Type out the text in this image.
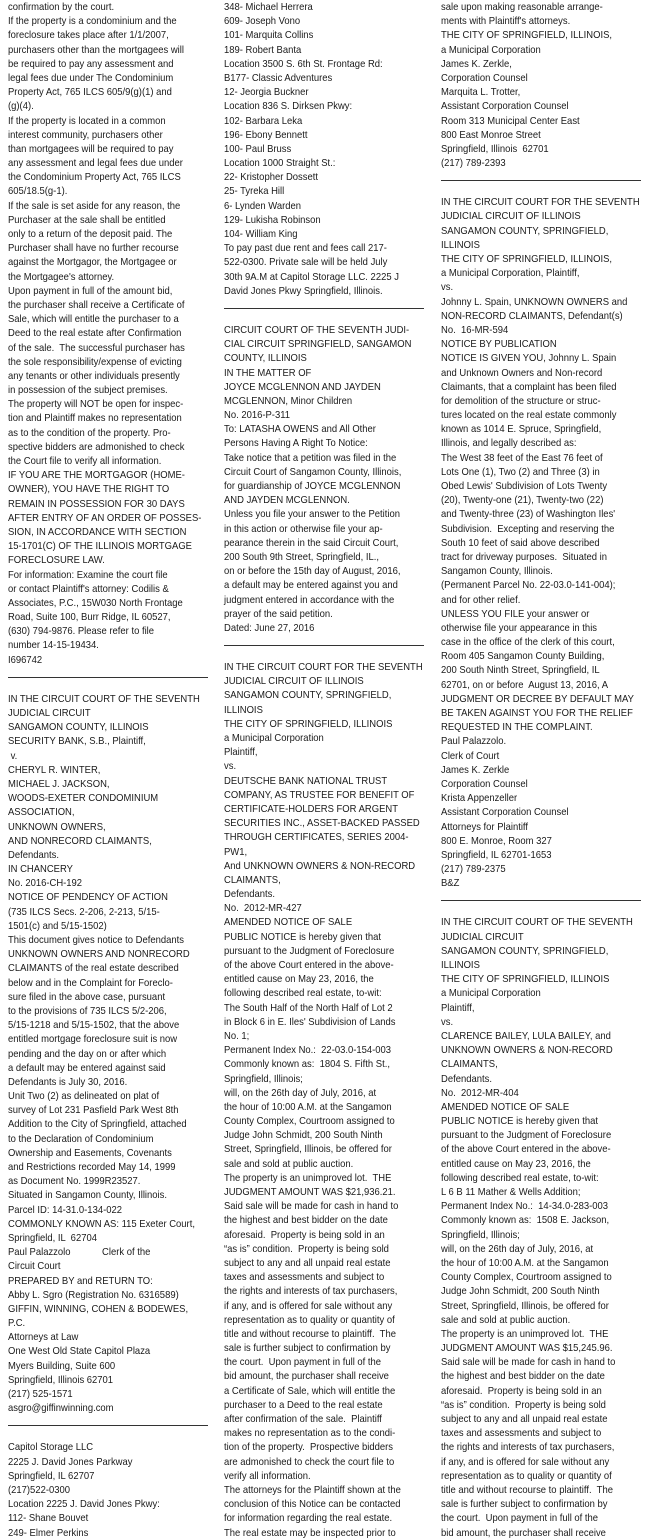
confirmation by the court.
If the property is a condominium and the
foreclosure takes place after 1/1/2007,
purchasers other than the mortgagees will
be required to pay any assessment and
legal fees due under The Condominium
Property Act, 765 ILCS 605/9(g)(1) and
(g)(4).
If the property is located in a common
interest community, purchasers other
than mortgagees will be required to pay
any assessment and legal fees due under
the Condominium Property Act, 765 ILCS
605/18.5(g-1).
If the sale is set aside for any reason, the
Purchaser at the sale shall be entitled
only to a return of the deposit paid. The
Purchaser shall have no further recourse
against the Mortgagor, the Mortgagee or
the Mortgagee's attorney.
Upon payment in full of the amount bid,
the purchaser shall receive a Certificate of
Sale, which will entitle the purchaser to a
Deed to the real estate after Confirmation
of the sale.  The successful purchaser has
the sole responsibility/expense of evicting
any tenants or other individuals presently
in possession of the subject premises.
The property will NOT be open for inspec-
tion and Plaintiff makes no representation
as to the condition of the property. Pro-
spective bidders are admonished to check
the Court file to verify all information.
IF YOU ARE THE MORTGAGOR (HOME-
OWNER), YOU HAVE THE RIGHT TO
REMAIN IN POSSESSION FOR 30 DAYS
AFTER ENTRY OF AN ORDER OF POSSES-
SION, IN ACCORDANCE WITH SECTION
15-1701(C) OF THE ILLINOIS MORTGAGE
FORECLOSURE LAW.
For information: Examine the court file
or contact Plaintiff's attorney: Codilis &
Associates, P.C., 15W030 North Frontage
Road, Suite 100, Burr Ridge, IL 60527,
(630) 794-9876. Please refer to file
number 14-15-19434.
I696742
IN THE CIRCUIT COURT OF THE SEVENTH
JUDICIAL CIRCUIT
SANGAMON COUNTY, ILLINOIS
SECURITY BANK, S.B., Plaintiff,
v.
CHERYL R. WINTER,
MICHAEL J. JACKSON,
WOODS-EXETER CONDOMINIUM
ASSOCIATION,
UNKNOWN OWNERS,
AND NONRECORD CLAIMANTS,
Defendants.
IN CHANCERY
No. 2016-CH-192
NOTICE OF PENDENCY OF ACTION
(735 ILCS Secs. 2-206, 2-213, 5/15-
1501(c) and 5/15-1502)
This document gives notice to Defendants
UNKNOWN OWNERS AND NONRECORD
CLAIMANTS of the real estate described
below and in the Complaint for Foreclo-
sure filed in the above case, pursuant
to the provisions of 735 ILCS 5/2-206,
5/15-1218 and 5/15-1502, that the above
entitled mortgage foreclosure suit is now
pending and the day on or after which
a default may be entered against said
Defendants is July 30, 2016.
Unit Two (2) as delineated on plat of
survey of Lot 231 Pasfield Park West 8th
Addition to the City of Springfield, attached
to the Declaration of Condominium
Ownership and Easements, Covenants
and Restrictions recorded May 14, 1999
as Document No. 1999R23527.
Situated in Sangamon County, Illinois.
Parcel ID: 14-31.0-134-022
COMMONLY KNOWN AS: 115 Exeter Court,
Springfield, IL  62704
Paul Palazzolo            Clerk of the
Circuit Court
PREPARED BY and RETURN TO:
Abby L. Sgro (Registration No. 6316589)
GIFFIN, WINNING, COHEN & BODEWES,
P.C.
Attorneys at Law
One West Old State Capitol Plaza
Myers Building, Suite 600
Springfield, Illinois 62701
(217) 525-1571
asgro@giffinwinning.com
Capitol Storage LLC
2225 J. David Jones Parkway
Springfield, IL 62707
(217)522-0300
Location 2225 J. David Jones Pkwy:
112- Shane Bouvet
249- Elmer Perkins
348- Michael Herrera
609- Joseph Vono
101- Marquita Collins
189- Robert Banta
Location 3500 S. 6th St. Frontage Rd:
B177- Classic Adventures
12- Jeorgia Buckner
Location 836 S. Dirksen Pkwy:
102- Barbara Leka
196- Ebony Bennett
100- Paul Bruss
Location 1000 Straight St.:
22- Kristopher Dossett
25- Tyreka Hill
6- Lynden Warden
129- Lukisha Robinson
104- William King
To pay past due rent and fees call 217-
522-0300. Private sale will be held July
30th 9A.M at Capitol Storage LLC. 2225 J
David Jones Pkwy Springfield, Illinois.
CIRCUIT COURT OF THE SEVENTH JUDI-
CIAL CIRCUIT SPRINGFIELD, SANGAMON
COUNTY, ILLINOIS
IN THE MATTER OF
JOYCE MCGLENNON AND JAYDEN
MCGLENNON, Minor Children
No. 2016-P-311
To: LATASHA OWENS and All Other
Persons Having A Right To Notice:
Take notice that a petition was filed in the
Circuit Court of Sangamon County, Illinois,
for guardianship of JOYCE MCGLENNON
AND JAYDEN MCGLENNON.
Unless you file your answer to the Petition
in this action or otherwise file your ap-
pearance therein in the said Circuit Court,
200 South 9th Street, Springfield, IL.,
on or before the 15th day of August, 2016,
a default may be entered against you and
judgment entered in accordance with the
prayer of the said petition.
Dated: June 27, 2016
IN THE CIRCUIT COURT FOR THE SEVENTH
JUDICIAL CIRCUIT OF ILLINOIS
SANGAMON COUNTY, SPRINGFIELD,
ILLINOIS
THE CITY OF SPRINGFIELD, ILLINOIS
a Municipal Corporation
Plaintiff,
vs.
DEUTSCHE BANK NATIONAL TRUST
COMPANY, AS TRUSTEE FOR BENEFIT OF
CERTIFICATE-HOLDERS FOR ARGENT
SECURITIES INC., ASSET-BACKED PASSED
THROUGH CERTIFICATES, SERIES 2004-
PW1,
And UNKNOWN OWNERS & NON-RECORD
CLAIMANTS,
Defendants.
No.  2012-MR-427
AMENDED NOTICE OF SALE
PUBLIC NOTICE is hereby given that
pursuant to the Judgment of Foreclosure
of the above Court entered in the above-
entitled cause on May 23, 2016, the
following described real estate, to-wit:
The South Half of the North Half of Lot 2
in Block 6 in E. Iles' Subdivision of Lands
No. 1;
Permanent Index No.:  22-03.0-154-003
Commonly known as:  1804 S. Fifth St.,
Springfield, Illinois;
will, on the 26th day of July, 2016, at
the hour of 10:00 A.M. at the Sangamon
County Complex, Courtroom assigned to
Judge John Schmidt, 200 South Ninth
Street, Springfield, Illinois, be offered for
sale and sold at public auction.
The property is an unimproved lot.  THE
JUDGMENT AMOUNT WAS $21,936.21.
Said sale will be made for cash in hand to
the highest and best bidder on the date
aforesaid.  Property is being sold in an
“as is” condition.  Property is being sold
subject to any and all unpaid real estate
taxes and assessments and subject to
the rights and interests of tax purchasers,
if any, and is offered for sale without any
representation as to quality or quantity of
title and without recourse to plaintiff.  The
sale is further subject to confirmation by
the court.  Upon payment in full of the
bid amount, the purchaser shall receive
a Certificate of Sale, which will entitle the
purchaser to a Deed to the real estate
after confirmation of the sale.  Plaintiff
makes no representation as to the condi-
tion of the property.  Prospective bidders
are admonished to check the court file to
verify all information.
The attorneys for the Plaintiff shown at the
conclusion of this Notice can be contacted
for information regarding the real estate.
The real estate may be inspected prior to
sale upon making reasonable arrange-
ments with Plaintiff's attorneys.
THE CITY OF SPRINGFIELD, ILLINOIS,
a Municipal Corporation
James K. Zerkle,
Corporation Counsel
Marquita L. Trotter,
Assistant Corporation Counsel
Room 313 Municipal Center East
800 East Monroe Street
Springfield, Illinois  62701
(217) 789-2393
IN THE CIRCUIT COURT FOR THE SEVENTH
JUDICIAL CIRCUIT OF ILLINOIS
SANGAMON COUNTY, SPRINGFIELD,
ILLINOIS
THE CITY OF SPRINGFIELD, ILLINOIS,
a Municipal Corporation, Plaintiff,
vs.
Johnny L. Spain, UNKNOWN OWNERS and
NON-RECORD CLAIMANTS, Defendant(s)
No.  16-MR-594
NOTICE BY PUBLICATION
NOTICE IS GIVEN YOU, Johnny L. Spain
and Unknown Owners and Non-record
Claimants, that a complaint has been filed
for demolition of the structure or struc-
tures located on the real estate commonly
known as 1014 E. Spruce, Springfield,
Illinois, and legally described as:
The West 38 feet of the East 76 feet of
Lots One (1), Two (2) and Three (3) in
Obed Lewis' Subdivision of Lots Twenty
(20), Twenty-one (21), Twenty-two (22)
and Twenty-three (23) of Washington Iles'
Subdivision.  Excepting and reserving the
South 10 feet of said above described
tract for driveway purposes.  Situated in
Sangamon County, Illinois.
(Permanent Parcel No. 22-03.0-141-004);
and for other relief.
UNLESS YOU FILE your answer or
otherwise file your appearance in this
case in the office of the clerk of this court,
Room 405 Sangamon County Building,
200 South Ninth Street, Springfield, IL
62701, on or before  August 13, 2016, A
JUDGMENT OR DECREE BY DEFAULT MAY
BE TAKEN AGAINST YOU FOR THE RELIEF
REQUESTED IN THE COMPLAINT.
Paul Palazzolo.
Clerk of Court
James K. Zerkle
Corporation Counsel
Krista Appenzeller
Assistant Corporation Counsel
Attorneys for Plaintiff
800 E. Monroe, Room 327
Springfield, IL 62701-1653
(217) 789-2375
B&Z
IN THE CIRCUIT COURT OF THE SEVENTH
JUDICIAL CIRCUIT
SANGAMON COUNTY, SPRINGFIELD,
ILLINOIS
THE CITY OF SPRINGFIELD, ILLINOIS
a Municipal Corporation
Plaintiff,
vs.
CLARENCE BAILEY, LULA BAILEY, and
UNKNOWN OWNERS & NON-RECORD
CLAIMANTS,
Defendants.
No.  2012-MR-404
AMENDED NOTICE OF SALE
PUBLIC NOTICE is hereby given that
pursuant to the Judgment of Foreclosure
of the above Court entered in the above-
entitled cause on May 23, 2016, the
following described real estate, to-wit:
L 6 B 11 Mather & Wells Addition;
Permanent Index No.:  14-34.0-283-003
Commonly known as:  1508 E. Jackson,
Springfield, Illinois;
will, on the 26th day of July, 2016, at
the hour of 10:00 A.M. at the Sangamon
County Complex, Courtroom assigned to
Judge John Schmidt, 200 South Ninth
Street, Springfield, Illinois, be offered for
sale and sold at public auction.
The property is an unimproved lot.  THE
JUDGMENT AMOUNT WAS $15,245.96.
Said sale will be made for cash in hand to
the highest and best bidder on the date
aforesaid.  Property is being sold in an
“as is” condition.  Property is being sold
subject to any and all unpaid real estate
taxes and assessments and subject to
the rights and interests of tax purchasers,
if any, and is offered for sale without any
representation as to quality or quantity of
title and without recourse to plaintiff.  The
sale is further subject to confirmation by
the court.  Upon payment in full of the
bid amount, the purchaser shall receive
